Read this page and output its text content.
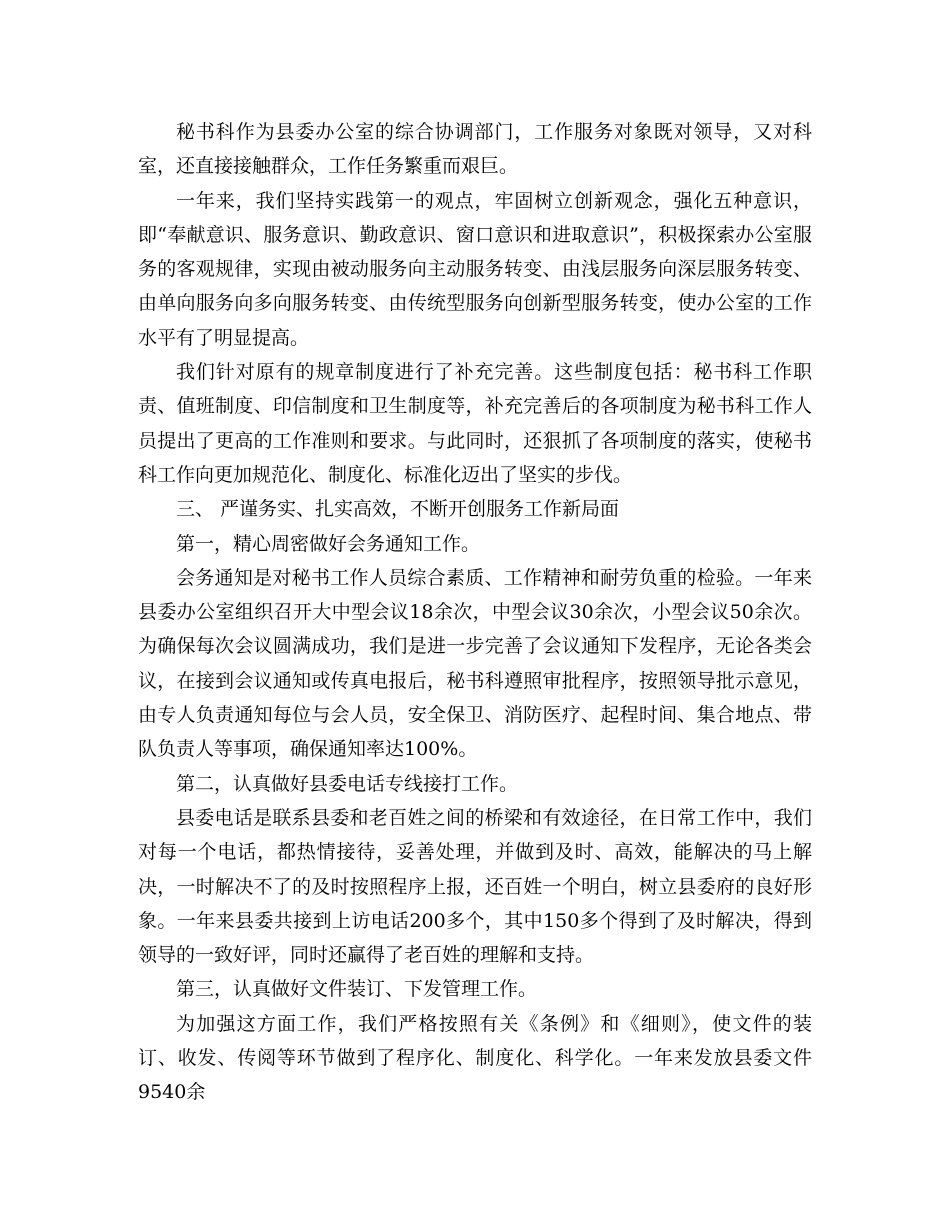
秘书科作为县委办公室的综合协调部门，工作服务对象既对领导，又对科室，还直接接触群众，工作任务繁重而艰巨。

一年来，我们坚持实践第一的观点，牢固树立创新观念，强化五种意识，即“奉献意识、服务意识、勤政意识、窗口意识和进取意识”，积极探索办公室服务的客观规律，实现由被动服务向主动服务转变、由浅层服务向深层服务转变、由单向服务向多向服务转变、由传统型服务向创新型服务转变，使办公室的工作水平有了明显提高。

我们针对原有的规章制度进行了补充完善。这些制度包括：秘书科工作职责、值班制度、印信制度和卫生制度等，补充完善后的各项制度为秘书科工作人员提出了更高的工作准则和要求。与此同时，还狠抓了各项制度的落实，使秘书科工作向更加规范化、制度化、标准化迈出了坚实的步伐。

三、 严谨务实、扎实高效，不断开创服务工作新局面

第一，精心周密做好会务通知工作。

会务通知是对秘书工作人员综合素质、工作精神和耐劳负重的检验。一年来县委办公室组织召开大中型会议18余次，中型会议30余次，小型会议50余次。为确保每次会议圆满成功，我们是进一步完善了会议通知下发程序，无论各类会议，在接到会议通知或传真电报后，秘书科遵照审批程序，按照领导批示意见，由专人负责通知每位与会人员，安全保卫、消防医疗、起程时间、集合地点、带队负责人等事项，确保通知率达100%。

第二，认真做好县委电话专线接打工作。

县委电话是联系县委和老百姓之间的桥梁和有效途径，在日常工作中，我们对每一个电话，都热情接待，妥善处理，并做到及时、高效，能解决的马上解决，一时解决不了的及时按照程序上报，还百姓一个明白，树立县委府的良好形象。一年来县委共接到上访电话200多个，其中150多个得到了及时解决，得到领导的一致好评，同时还赢得了老百姓的理解和支持。

第三，认真做好文件装订、下发管理工作。

为加强这方面工作，我们严格按照有关《条例》和《细则》，使文件的装订、收发、传阅等环节做到了程序化、制度化、科学化。一年来发放县委文件9540余
